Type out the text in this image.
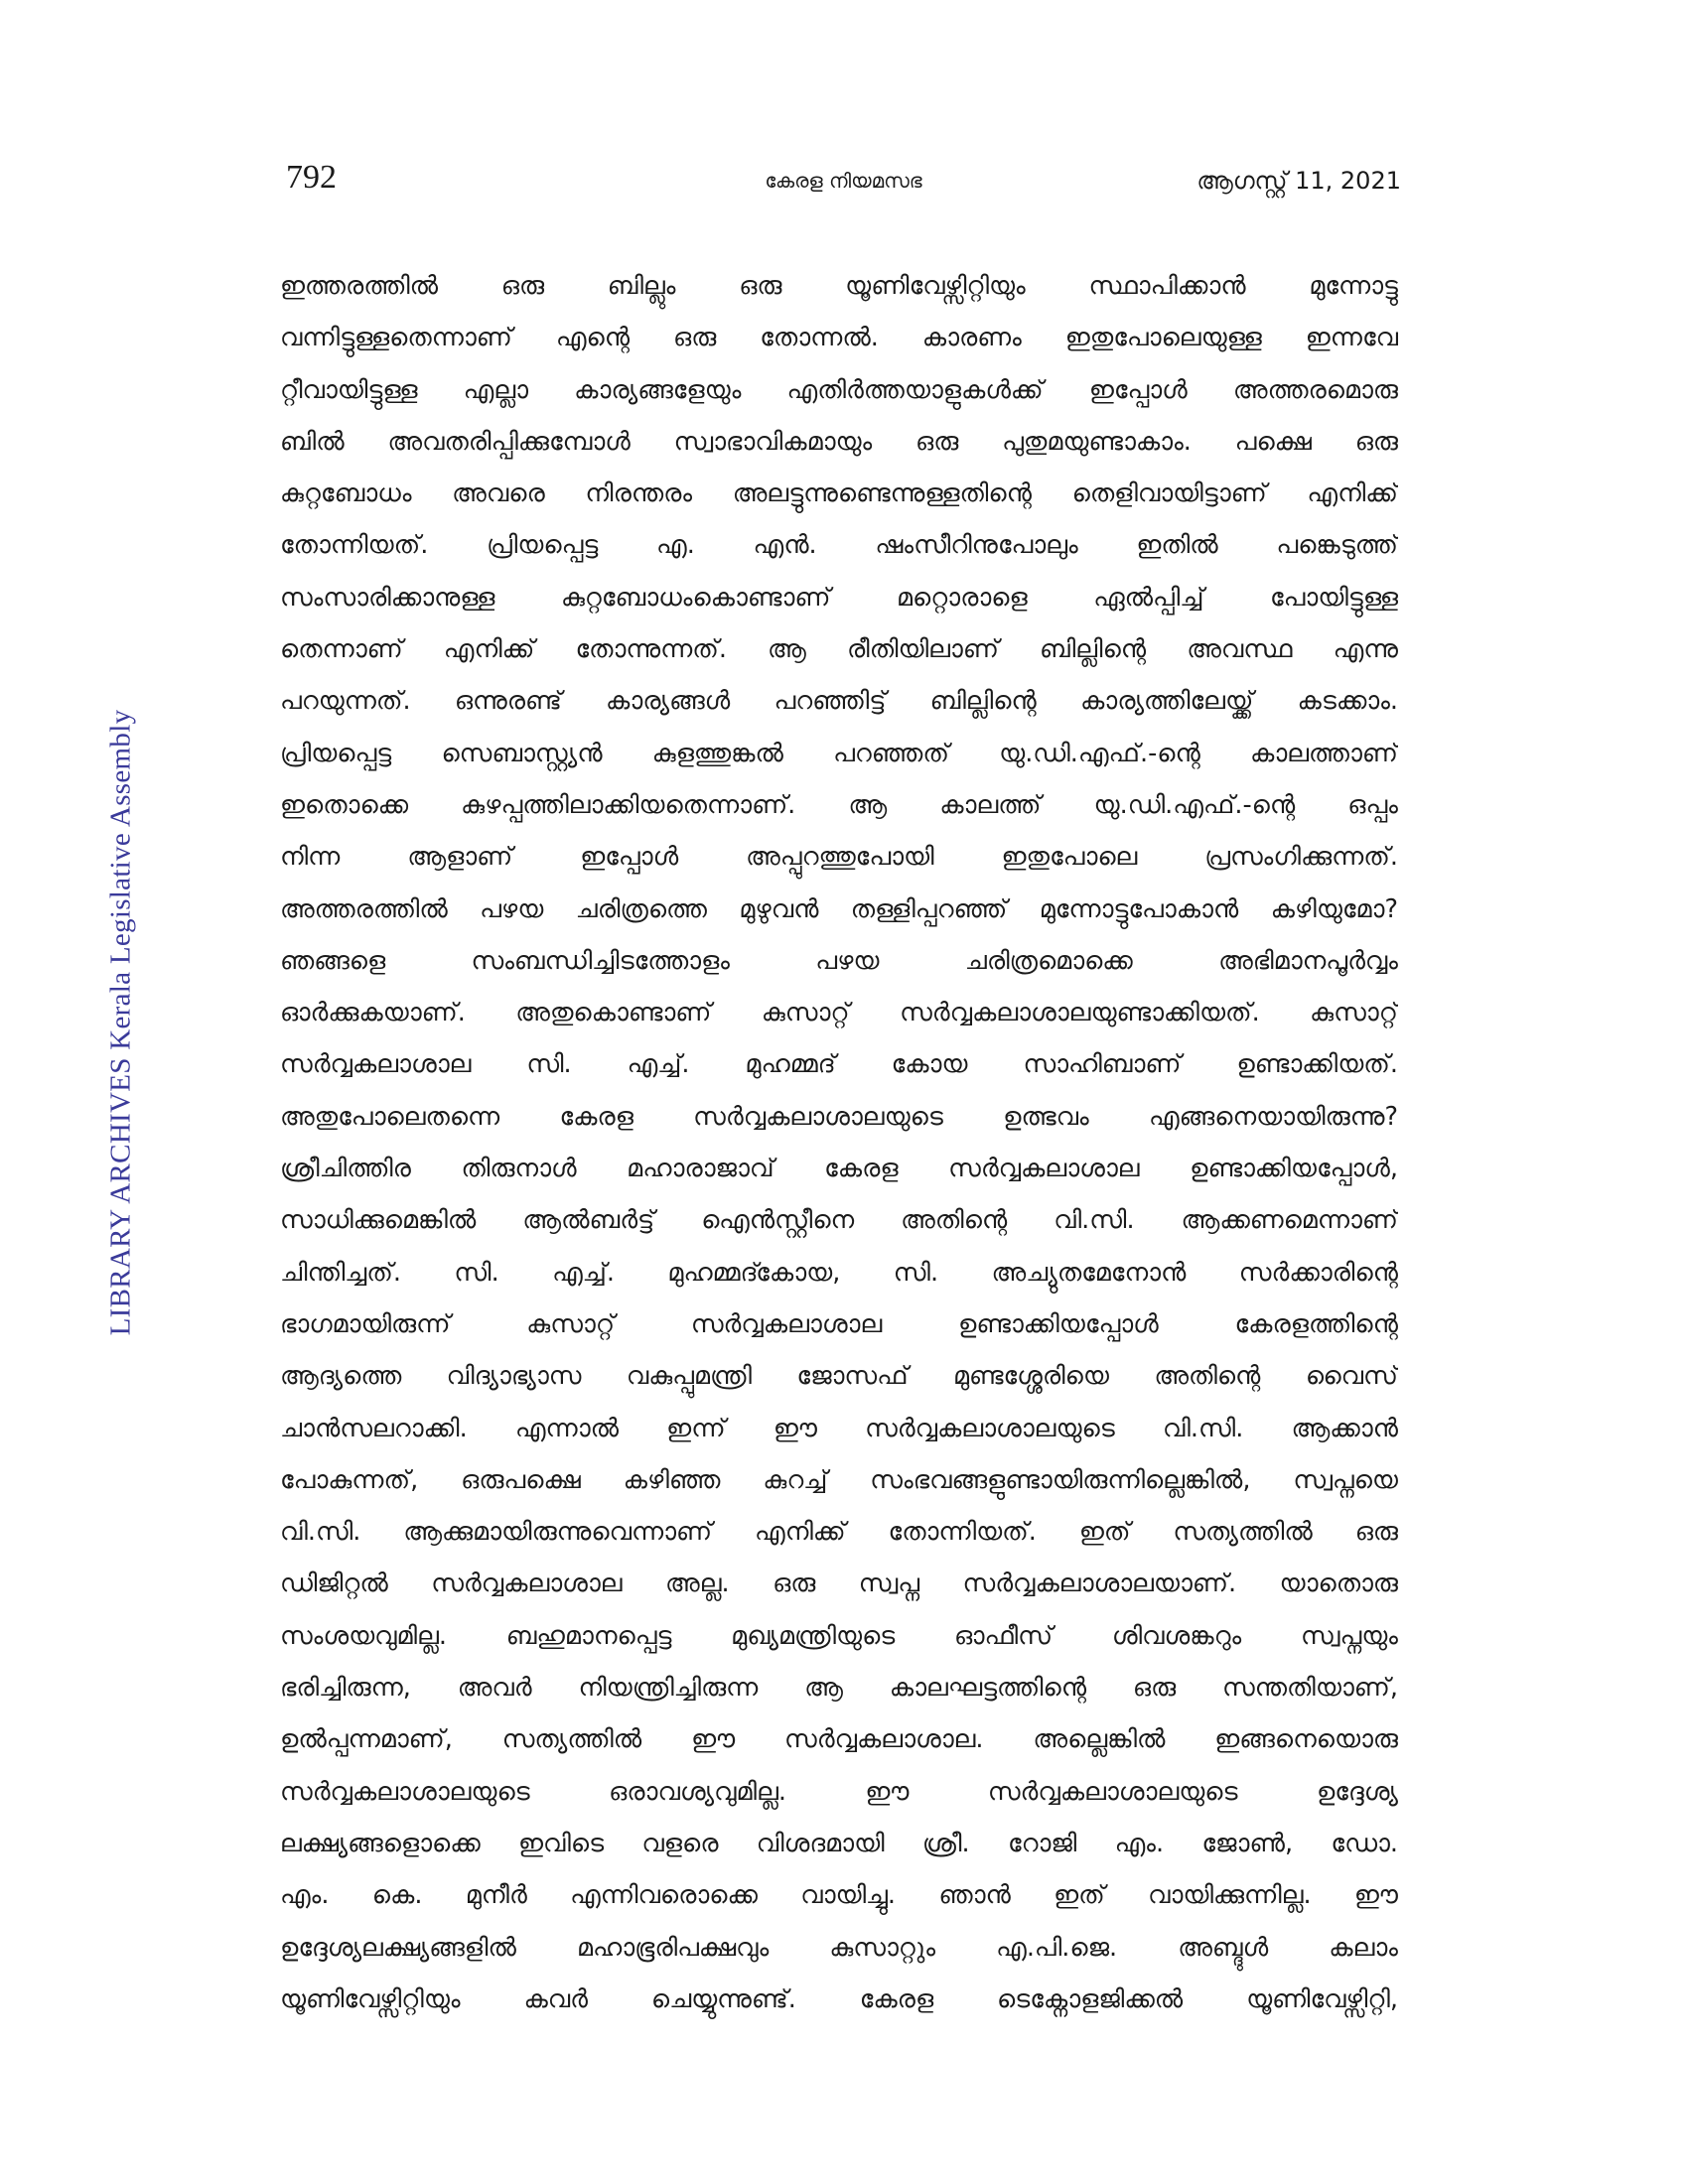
LIBRARY ARCHIVES Kerala Legislative Assembly
792	കേരള നിയമസഭ	ആഗസ്റ്റ് 11, 2021
ഇത്തരത്തിൽ ഒരു ബില്ലും ഒരു യൂണിവേഴ്സിറ്റിയും സ്ഥാപിക്കാൻ മുന്നോട്ടു
വന്നിട്ടുള്ളതെന്നാണ് എന്റെ ഒരു തോന്നൽ. കാരണം ഇതുപോലെയുള്ള ഇന്നവേ
റ്റീവായിട്ടുള്ള എല്ലാ കാര്യങ്ങളേയും എതിർത്തയാളുകൾക്ക് ഇപ്പോൾ അത്തരമൊരു
ബിൽ അവതരിപ്പിക്കുമ്പോൾ സ്വാഭാവികമായും ഒരു പുതുമയുണ്ടാകാം. പക്ഷെ ഒരു
കുറ്റബോധം അവരെ നിരന്തരം അലട്ടുന്നുണ്ടെന്നുള്ളതിന്റെ തെളിവായിട്ടാണ് എനിക്ക്
തോന്നിയത്. പ്രിയപ്പെട്ട എ. എൻ. ഷംസീറിനുപോലും ഇതിൽ പങ്കെടുത്ത്
സംസാരിക്കാനുള്ള കുറ്റബോധംകൊണ്ടാണ് മറ്റൊരാളെ ഏൽപ്പിച്ച് പോയിട്ടുള്ള
തെന്നാണ് എനിക്ക് തോന്നുന്നത്. ആ രീതിയിലാണ് ബില്ലിന്റെ അവസ്ഥ എന്നു
പറയുന്നത്. ഒന്നുരണ്ട് കാര്യങ്ങൾ പറഞ്ഞിട്ട് ബില്ലിന്റെ കാര്യത്തിലേയ്ക്ക് കടക്കാം.
പ്രിയപ്പെട്ട സെബാസ്റ്റ്യൻ കുളത്തുങ്കൽ പറഞ്ഞത് യു.ഡി.എഫ്.-ന്റെ കാലത്താണ്
ഇതൊക്കെ കുഴപ്പത്തിലാക്കിയതെന്നാണ്. ആ കാലത്ത് യു.ഡി.എഫ്.-ന്റെ ഒപ്പം
നിന്ന ആളാണ് ഇപ്പോൾ അപ്പുറത്തുപോയി ഇതുപോലെ പ്രസംഗിക്കുന്നത്.
അത്തരത്തിൽ പഴയ ചരിത്രത്തെ മുഴുവൻ തള്ളിപ്പറഞ്ഞ് മുന്നോട്ടുപോകാൻ കഴിയുമോ?
ഞങ്ങളെ സംബന്ധിച്ചിടത്തോളം പഴയ ചരിത്രമൊക്കെ അഭിമാനപൂർവ്വം
ഓർക്കുകയാണ്. അതുകൊണ്ടാണ് കുസാറ്റ് സർവ്വകലാശാലയുണ്ടാക്കിയത്. കുസാറ്റ്
സർവ്വകലാശാല സി. എച്ച്. മുഹമ്മദ് കോയ സാഹിബാണ് ഉണ്ടാക്കിയത്.
അതുപോലെതന്നെ കേരള സർവ്വകലാശാലയുടെ ഉത്ഭവം എങ്ങനെയായിരുന്നു?
ശ്രീചിത്തിര തിരുനാൾ മഹാരാജാവ് കേരള സർവ്വകലാശാല ഉണ്ടാക്കിയപ്പോൾ,
സാധിക്കുമെങ്കിൽ ആൽബർട്ട് ഐൻസ്റ്റീനെ അതിന്റെ വി.സി. ആക്കണമെന്നാണ്
ചിന്തിച്ചത്. സി. എച്ച്. മുഹമ്മദ്കോയ, സി. അച്യുതമേനോൻ സർക്കാരിന്റെ
ഭാഗമായിരുന്ന് കുസാറ്റ് സർവ്വകലാശാല ഉണ്ടാക്കിയപ്പോൾ കേരളത്തിന്റെ
ആദ്യത്തെ വിദ്യാഭ്യാസ വകുപ്പുമന്ത്രി ജോസഫ് മുണ്ടശ്ശേരിയെ അതിന്റെ വൈസ്
ചാൻസലറാക്കി. എന്നാൽ ഇന്ന് ഈ സർവ്വകലാശാലയുടെ വി.സി. ആക്കാൻ
പോകുന്നത്, ഒരുപക്ഷെ കഴിഞ്ഞ കുറച്ച് സംഭവങ്ങളുണ്ടായിരുന്നില്ലെങ്കിൽ, സ്വപ്നയെ
വി.സി. ആക്കുമായിരുന്നുവെന്നാണ് എനിക്ക് തോന്നിയത്. ഇത് സത്യത്തിൽ ഒരു
ഡിജിറ്റൽ സർവ്വകലാശാല അല്ല. ഒരു സ്വപ്ന സർവ്വകലാശാലയാണ്. യാതൊരു
സംശയവുമില്ല. ബഹുമാനപ്പെട്ട മുഖ്യമന്ത്രിയുടെ ഓഫീസ് ശിവശങ്കറും സ്വപ്നയും
ഭരിച്ചിരുന്ന, അവർ നിയന്ത്രിച്ചിരുന്ന ആ കാലഘട്ടത്തിന്റെ ഒരു സന്തതിയാണ്,
ഉൽപ്പന്നമാണ്, സത്യത്തിൽ ഈ സർവ്വകലാശാല. അല്ലെങ്കിൽ ഇങ്ങനെയൊരു
സർവ്വകലാശാലയുടെ ഒരാവശ്യവുമില്ല. ഈ സർവ്വകലാശാലയുടെ ഉദ്ദേശ്യ
ലക്ഷ്യങ്ങളൊക്കെ ഇവിടെ വളരെ വിശദമായി ശ്രീ. റോജി എം. ജോൺ, ഡോ.
എം. കെ. മുനീർ എന്നിവരൊക്കെ വായിച്ചു. ഞാൻ ഇത് വായിക്കുന്നില്ല. ഈ
ഉദ്ദേശ്യലക്ഷ്യങ്ങളിൽ മഹാഭൂരിപക്ഷവും കുസാറ്റും എ.പി.ജെ. അബ്ദുൾ കലാം
യൂണിവേഴ്സിറ്റിയും കവർ ചെയ്യുന്നുണ്ട്. കേരള ടെക്നോളജിക്കൽ യൂണിവേഴ്സിറ്റി,
